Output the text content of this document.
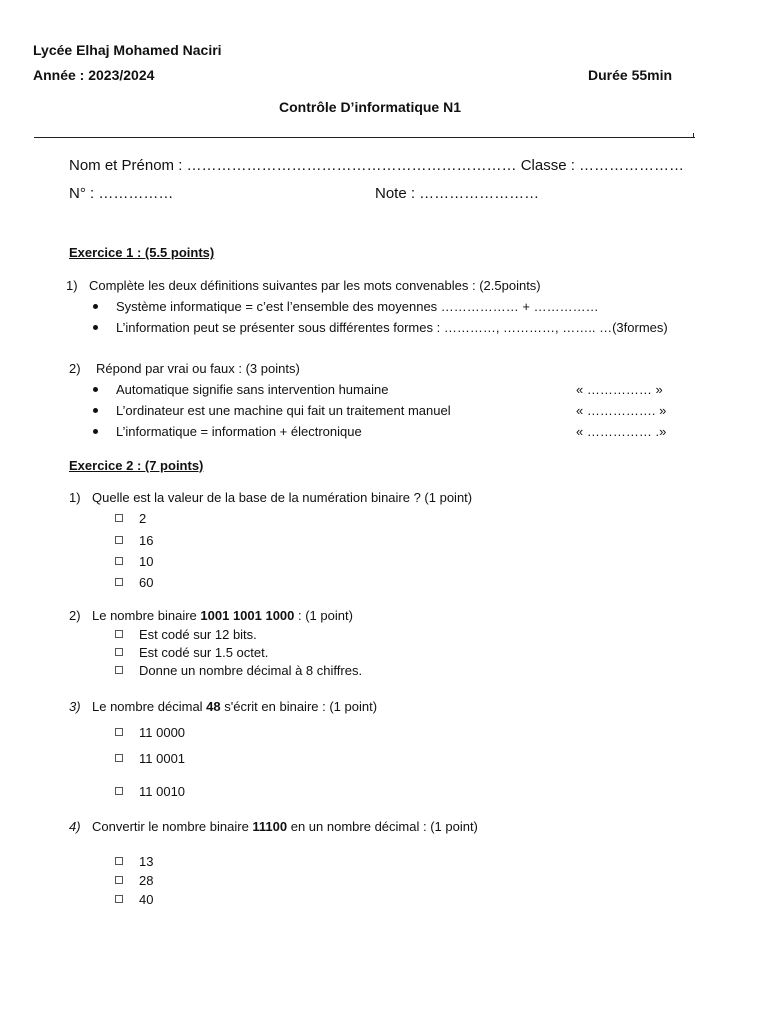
Lycée Elhaj Mohamed Naciri
Année : 2023/2024	Durée 55min
Contrôle D’informatique N1
Nom et Prénom : ………………………………………………………… Classe : …………………
N° : ……………	Note : ……………………
Exercice 1 : (5.5 points)
1) Complète les deux définitions suivantes par les mots convenables : (2.5points)
Système informatique = c’est l’ensemble des moyennes ……………… + ……………
L’information peut se présenter sous différentes formes : …………, …………, …….. …(3formes)
2) Répond par vrai ou faux : (3 points)
Automatique signifie sans intervention humaine	« …………… »
L’ordinateur est une machine qui fait un traitement manuel	« ……………. »
L’informatique = information + électronique	« …………… .»
Exercice 2 : (7 points)
1) Quelle est la valeur de la base de la numération binaire ? (1 point)
2
16
10
60
2) Le nombre binaire 1001 1001 1000 : (1 point)
Est codé sur 12 bits.
Est codé sur 1.5 octet.
Donne un nombre décimal à 8 chiffres.
3) Le nombre décimal 48 s'écrit en binaire : (1 point)
11 0000
11 0001
11 0010
4) Convertir le nombre binaire 11100 en un nombre décimal : (1 point)
13
28
40
